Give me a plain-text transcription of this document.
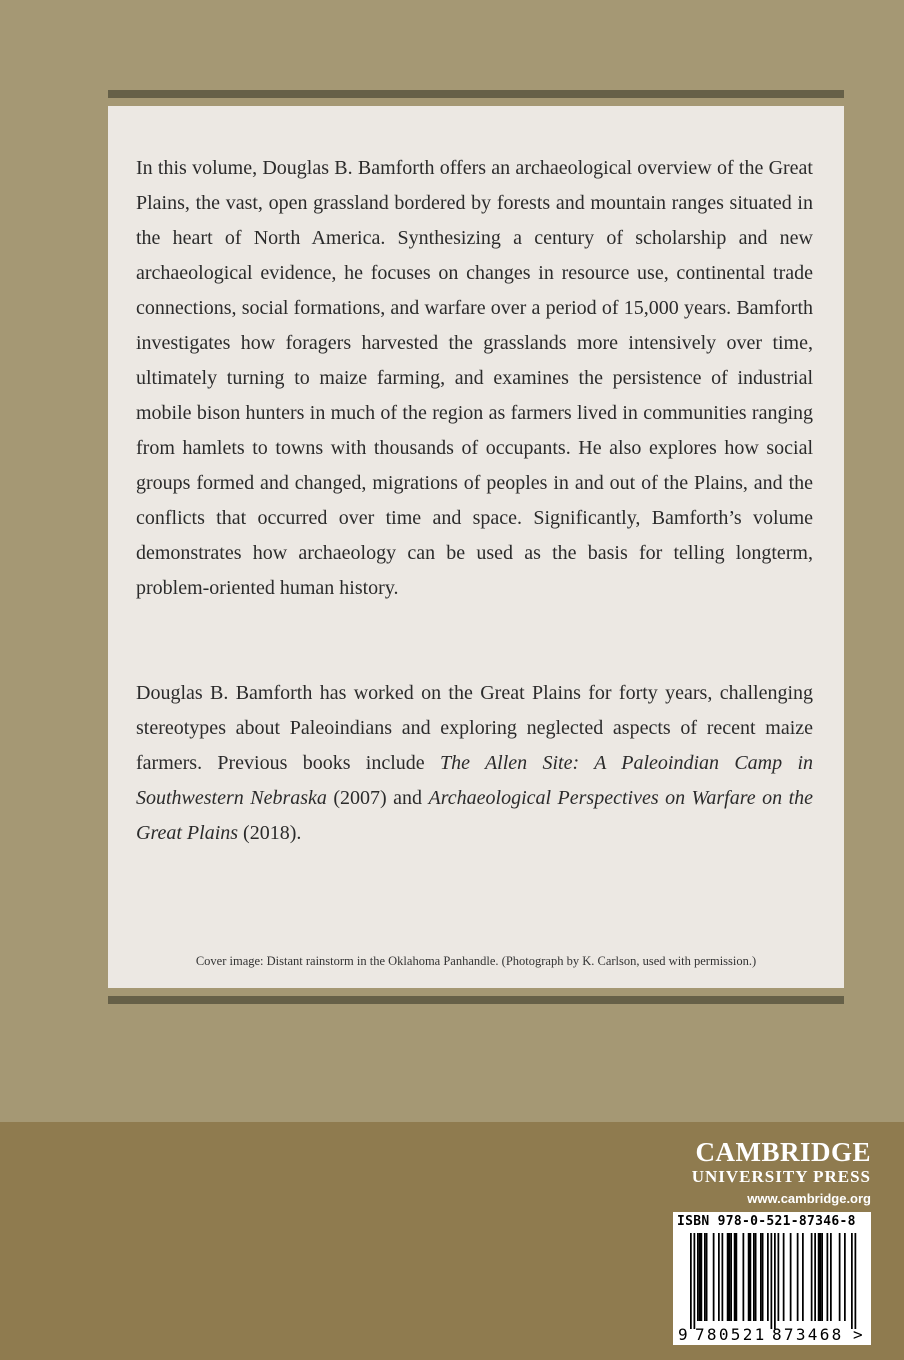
In this volume, Douglas B. Bamforth offers an archaeological overview of the Great Plains, the vast, open grassland bordered by forests and mountain ranges situated in the heart of North America. Synthesizing a century of scholarship and new archaeological evidence, he focuses on changes in resource use, continental trade connections, social formations, and warfare over a period of 15,000 years. Bamforth investigates how foragers harvested the grasslands more intensively over time, ultimately turning to maize farming, and examines the persistence of industrial mobile bison hunters in much of the region as farmers lived in communities ranging from hamlets to towns with thousands of occupants. He also explores how social groups formed and changed, migrations of peoples in and out of the Plains, and the conflicts that occurred over time and space. Significantly, Bamforth’s volume demonstrates how archaeology can be used as the basis for telling longterm, problem-oriented human history.

Douglas B. Bamforth has worked on the Great Plains for forty years, challenging stereotypes about Paleoindians and exploring neglected aspects of recent maize farmers. Previous books include The Allen Site: A Paleoindian Camp in Southwestern Nebraska (2007) and Archaeological Perspectives on Warfare on the Great Plains (2018).

Cover image: Distant rainstorm in the Oklahoma Panhandle. (Photograph by K. Carlson, used with permission.)

CAMBRIDGE
UNIVERSITY PRESS
www.cambridge.org
9 780521 873468 >
ISBN 978-0-521-87346-8
